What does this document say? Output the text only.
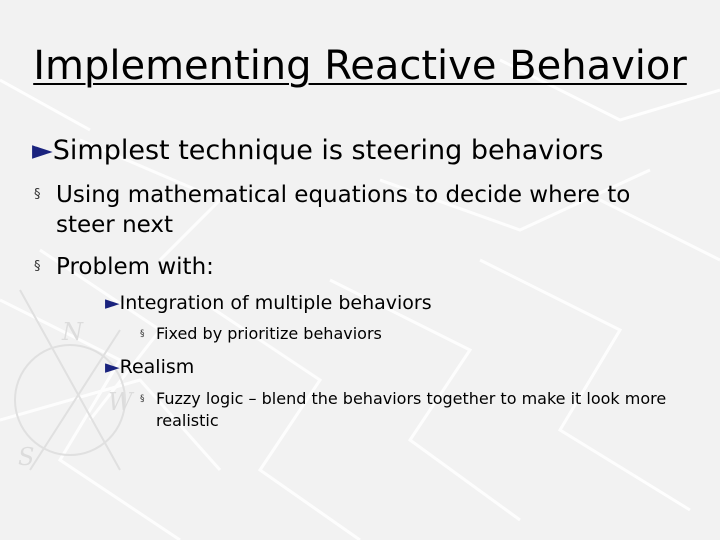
N
S
W
Implementing Reactive Behavior
►Simplest technique is steering behaviors
§ Using mathematical equations to decide where to steer next
§ Problem with:
►Integration of multiple behaviors
§ Fixed by prioritize behaviors
►Realism
§ Fuzzy logic – blend the behaviors together to make it look more realistic
